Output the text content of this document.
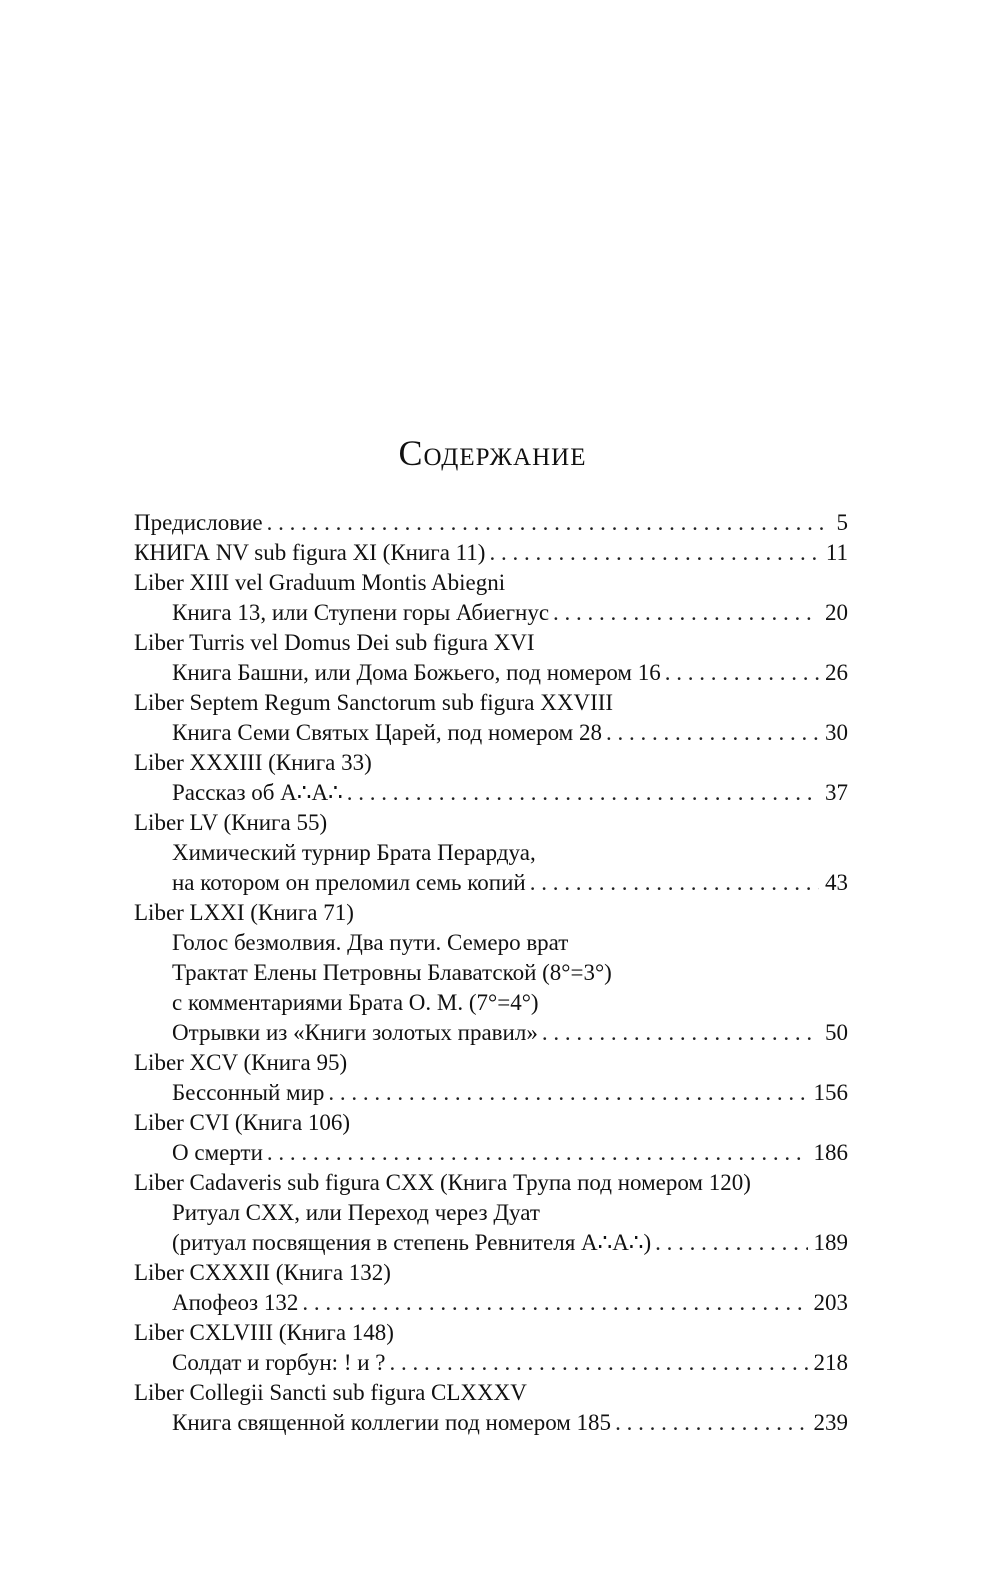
Содержание
Предисловие . . .	5
КНИГА NV sub figura XI (Книга 11) . . .	11
Liber XIII vel Graduum Montis Abiegni
Книга 13, или Ступени горы Абиегнус . . .	20
Liber Turris vel Domus Dei sub figura XVI
Книга Башни, или Дома Божьего, под номером 16 . . .	26
Liber Septem Regum Sanctorum sub figura XXVIII
Книга Семи Святых Царей, под номером 28 . . .	30
Liber XXXIII (Книга 33)
Рассказ об A∴A∴ . . .	37
Liber LV (Книга 55)
Химический турнир Брата Перардуа,
на котором он преломил семь копий . . .	43
Liber LXXI (Книга 71)
Голос безмолвия. Два пути. Семеро врат
Трактат Елены Петровны Блаватской (8°=3°)
с комментариями Брата О. М. (7°=4°)
Отрывки из «Книги золотых правил» . . .	50
Liber XCV (Книга 95)
Бессонный мир . . .	156
Liber CVI (Книга 106)
О смерти . . .	186
Liber Cadaveris sub figura CXX (Книга Трупа под номером 120)
Ритуал CXX, или Переход через Дуат
(ритуал посвящения в степень Ревнителя A∴A∴) . . .	189
Liber CXXXII (Книга 132)
Апофеоз 132 . . .	203
Liber CXLVIII (Книга 148)
Солдат и горбун: ! и ? . . .	218
Liber Collegii Sancti sub figura CLXXXV
Книга священной коллегии под номером 185 . . .	239
